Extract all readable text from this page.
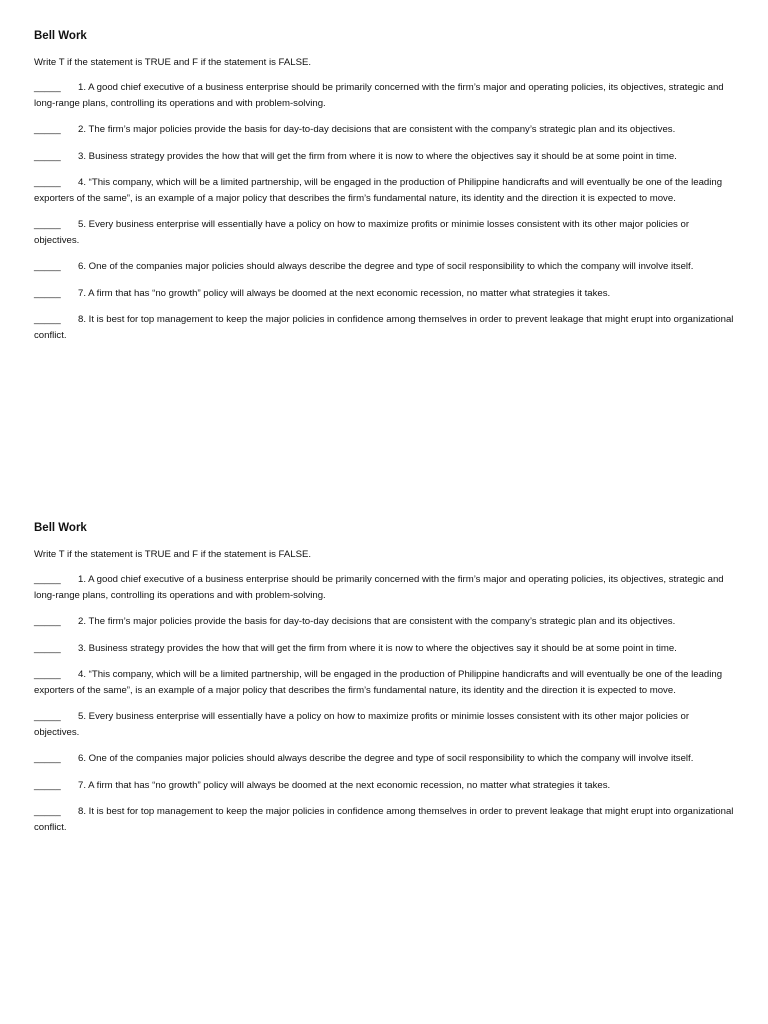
Bell Work
Write T if the statement is TRUE and F if the statement is FALSE.
_____ 1. A good chief executive of a business enterprise should be primarily concerned with the firm’s major and operating policies, its objectives, strategic and long-range plans, controlling its operations and with problem-solving.
_____ 2. The firm’s major policies provide the basis for day-to-day decisions that are consistent with the company’s strategic plan and its objectives.
_____ 3. Business strategy provides the how that will get the firm from where it is now to where the objectives say it should be at some point in time.
_____ 4. “This company, which will be a limited partnership, will be engaged in the production of Philippine handicrafts and will eventually be one of the leading exporters of the same”, is an example of a major policy that describes the firm’s fundamental nature, its identity and the direction it is expected to move.
_____ 5. Every business enterprise will essentially have a policy on how to maximize profits or minimie losses consistent with its other major policies or objectives.
_____ 6. One of the companies major policies should always describe the degree and type of socil responsibility to which the company will involve itself.
_____ 7. A firm that has “no growth” policy will always be doomed at the next economic recession, no matter what strategies it takes.
_____ 8. It is best for top management to keep the major policies in confidence among themselves in order to prevent leakage that might erupt into organizational conflict.
Bell Work
Write T if the statement is TRUE and F if the statement is FALSE.
_____ 1. A good chief executive of a business enterprise should be primarily concerned with the firm’s major and operating policies, its objectives, strategic and long-range plans, controlling its operations and with problem-solving.
_____ 2. The firm’s major policies provide the basis for day-to-day decisions that are consistent with the company’s strategic plan and its objectives.
_____ 3. Business strategy provides the how that will get the firm from where it is now to where the objectives say it should be at some point in time.
_____ 4. “This company, which will be a limited partnership, will be engaged in the production of Philippine handicrafts and will eventually be one of the leading exporters of the same”, is an example of a major policy that describes the firm’s fundamental nature, its identity and the direction it is expected to move.
_____ 5. Every business enterprise will essentially have a policy on how to maximize profits or minimie losses consistent with its other major policies or objectives.
_____ 6. One of the companies major policies should always describe the degree and type of socil responsibility to which the company will involve itself.
_____ 7. A firm that has “no growth” policy will always be doomed at the next economic recession, no matter what strategies it takes.
_____ 8. It is best for top management to keep the major policies in confidence among themselves in order to prevent leakage that might erupt into organizational conflict.
